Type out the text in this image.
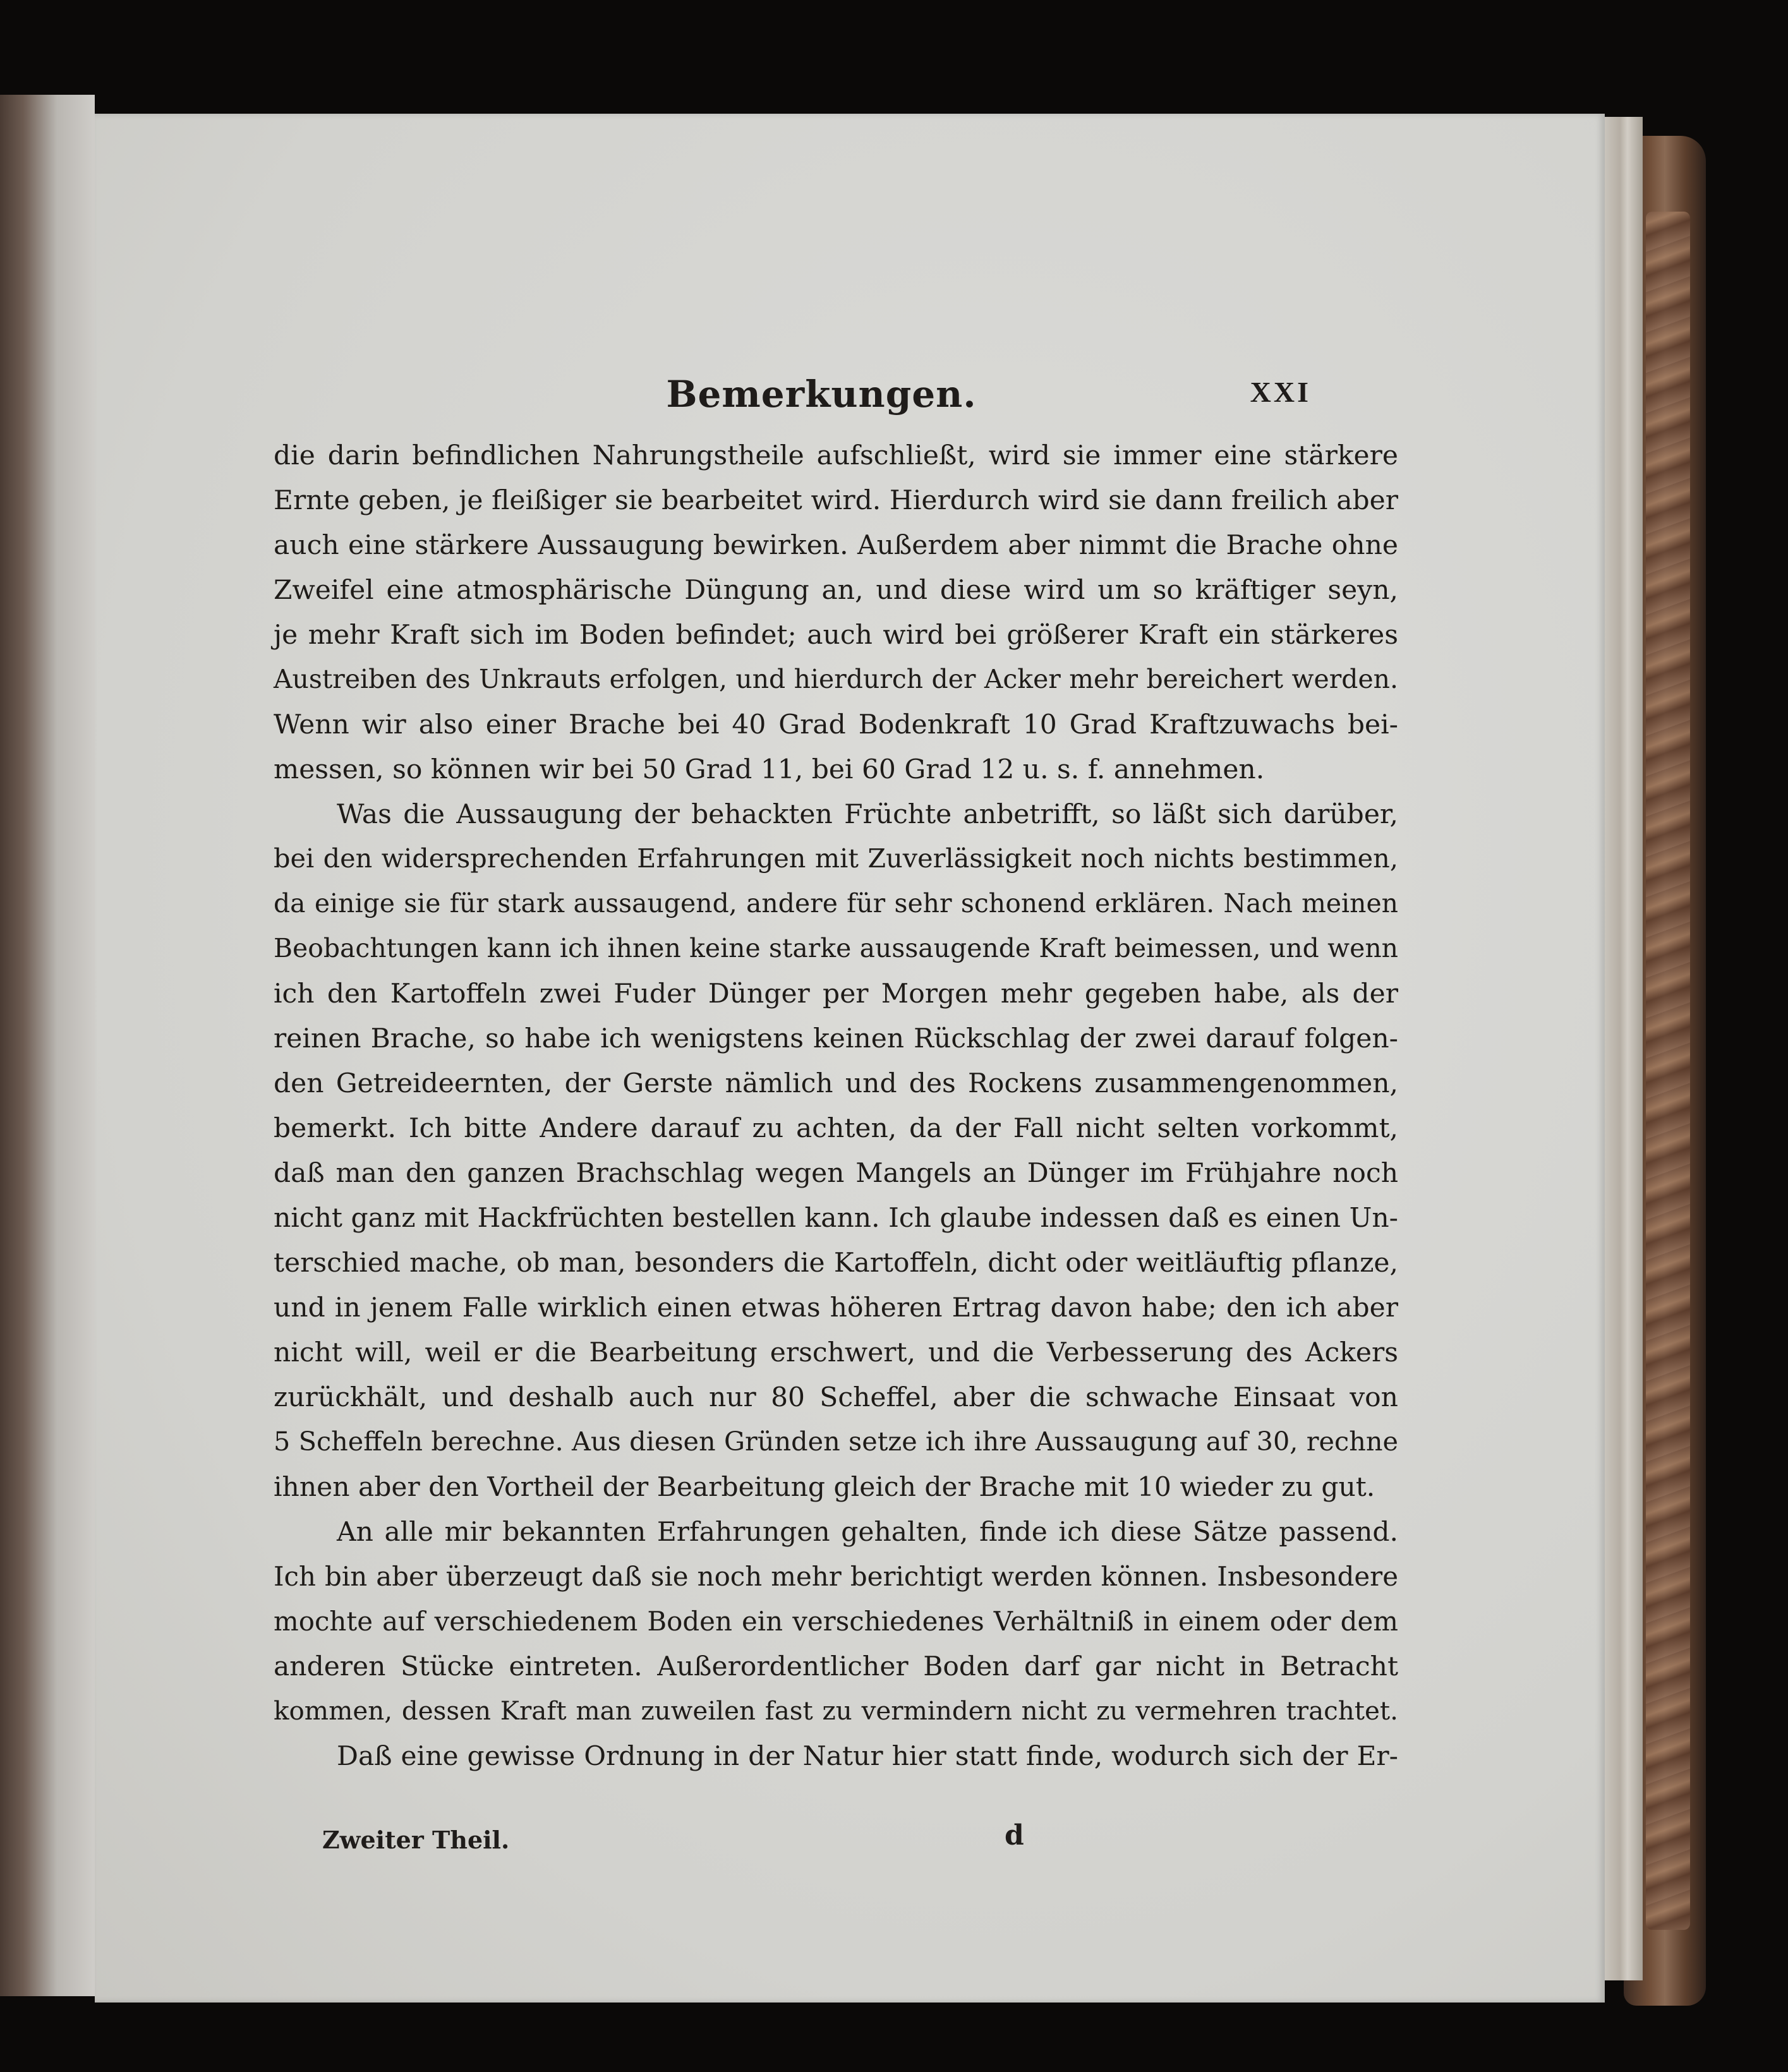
Bemerkungen.	XXI
die darin befindlichen Nahrungstheile aufschließt, wird sie immer eine stärkere
Ernte geben, je fleißiger sie bearbeitet wird. Hierdurch wird sie dann freilich aber
auch eine stärkere Aussaugung bewirken. Außerdem aber nimmt die Brache ohne
Zweifel eine atmosphärische Düngung an, und diese wird um so kräftiger seyn,
je mehr Kraft sich im Boden befindet; auch wird bei größerer Kraft ein stärkeres
Austreiben des Unkrauts erfolgen, und hierdurch der Acker mehr bereichert werden.
Wenn wir also einer Brache bei 40 Grad Bodenkraft 10 Grad Kraftzuwachs bei-
messen, so können wir bei 50 Grad 11, bei 60 Grad 12 u. s. f. annehmen.
Was die Aussaugung der behackten Früchte anbetrifft, so läßt sich darüber,
bei den widersprechenden Erfahrungen mit Zuverlässigkeit noch nichts bestimmen,
da einige sie für stark aussaugend, andere für sehr schonend erklären. Nach meinen
Beobachtungen kann ich ihnen keine starke aussaugende Kraft beimessen, und wenn
ich den Kartoffeln zwei Fuder Dünger per Morgen mehr gegeben habe, als der
reinen Brache, so habe ich wenigstens keinen Rückschlag der zwei darauf folgen-
den Getreideernten, der Gerste nämlich und des Rockens zusammengenommen,
bemerkt. Ich bitte Andere darauf zu achten, da der Fall nicht selten vorkommt,
daß man den ganzen Brachschlag wegen Mangels an Dünger im Frühjahre noch
nicht ganz mit Hackfrüchten bestellen kann. Ich glaube indessen daß es einen Un-
terschied mache, ob man, besonders die Kartoffeln, dicht oder weitläuftig pflanze,
und in jenem Falle wirklich einen etwas höheren Ertrag davon habe; den ich aber
nicht will, weil er die Bearbeitung erschwert, und die Verbesserung des Ackers
zurückhält, und deshalb auch nur 80 Scheffel, aber die schwache Einsaat von
5 Scheffeln berechne. Aus diesen Gründen setze ich ihre Aussaugung auf 30, rechne
ihnen aber den Vortheil der Bearbeitung gleich der Brache mit 10 wieder zu gut.
An alle mir bekannten Erfahrungen gehalten, finde ich diese Sätze passend.
Ich bin aber überzeugt daß sie noch mehr berichtigt werden können. Insbesondere
mochte auf verschiedenem Boden ein verschiedenes Verhältniß in einem oder dem
anderen Stücke eintreten. Außerordentlicher Boden darf gar nicht in Betracht
kommen, dessen Kraft man zuweilen fast zu vermindern nicht zu vermehren trachtet.
Daß eine gewisse Ordnung in der Natur hier statt finde, wodurch sich der Er-
Zweiter Theil.	d
